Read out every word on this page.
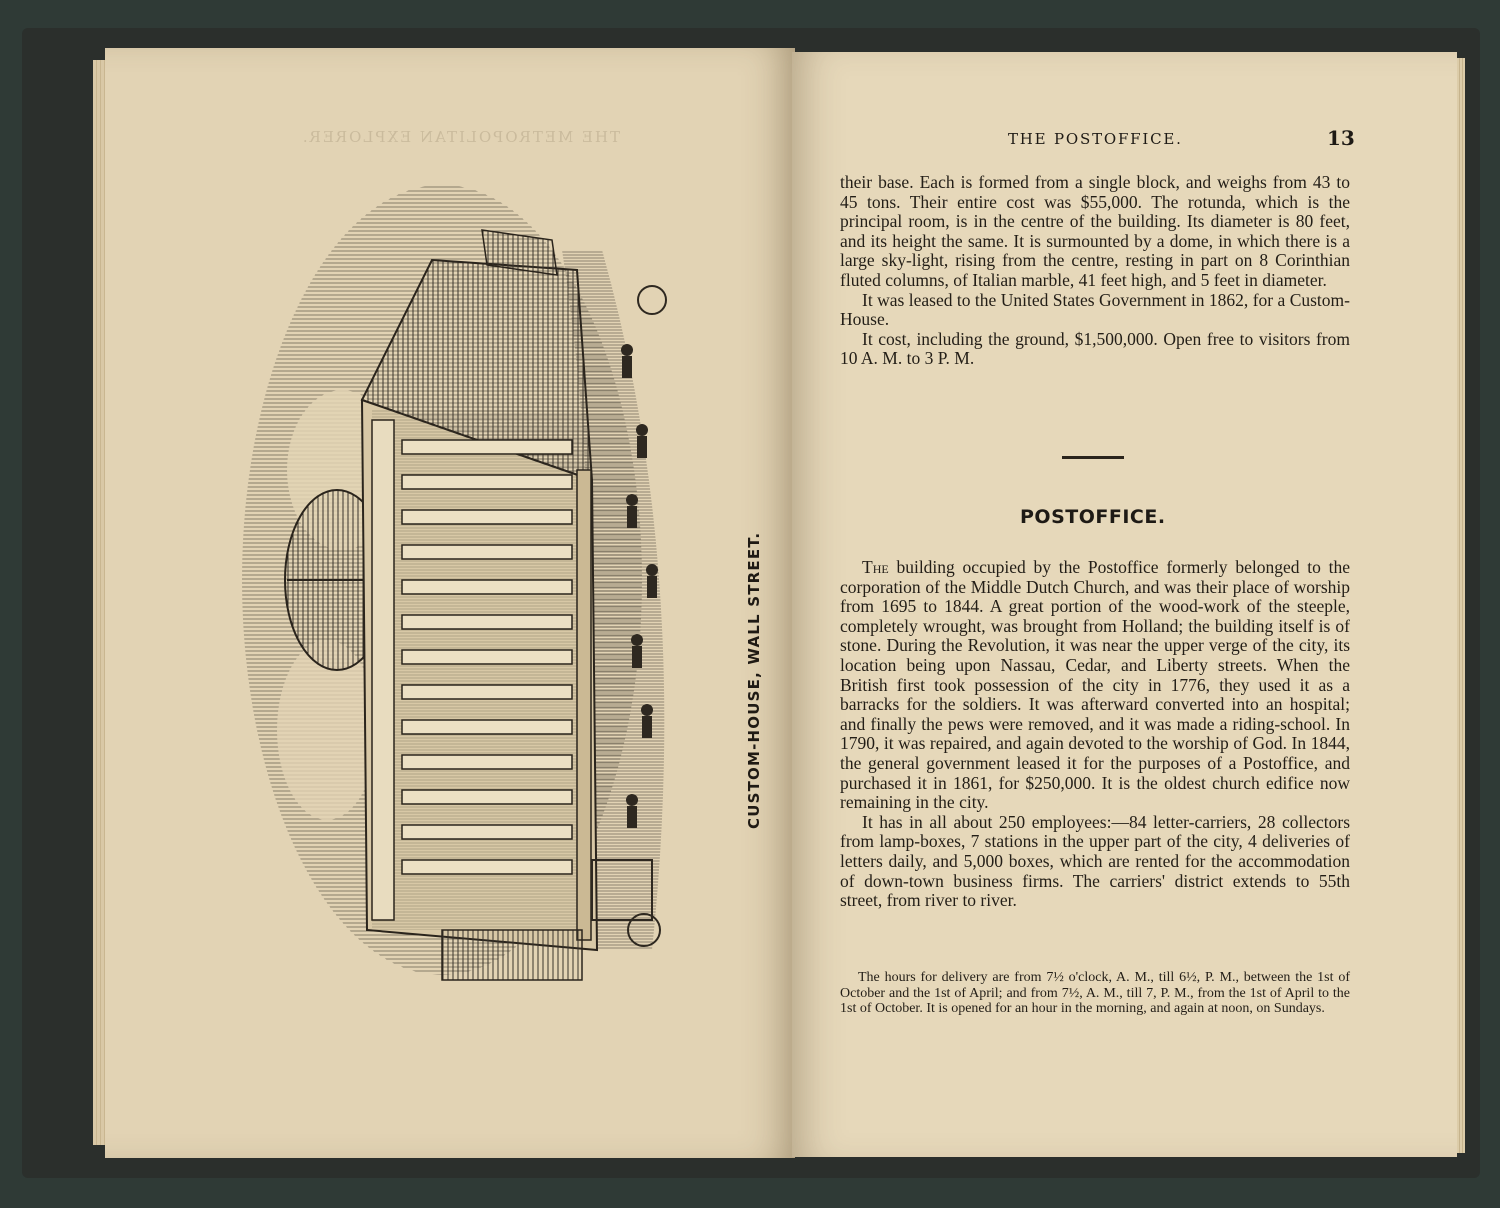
THE METROPOLITAN EXPLORER.
CUSTOM-HOUSE, WALL STREET.
THE POSTOFFICE.	13

their base. Each is formed from a single block, and weighs from 43 to 45 tons. Their entire cost was $55,000. The rotunda, which is the principal room, is in the centre of the building. Its diameter is 80 feet, and its height the same. It is surmounted by a dome, in which there is a large sky-light, rising from the centre, resting in part on 8 Corinthian fluted columns, of Italian marble, 41 feet high, and 5 feet in diameter.

It was leased to the United States Government in 1862, for a Custom-House.

It cost, including the ground, $1,500,000. Open free to visitors from 10 A. M. to 3 P. M.

POSTOFFICE.

The building occupied by the Postoffice formerly belonged to the corporation of the Middle Dutch Church, and was their place of worship from 1695 to 1844. A great portion of the wood-work of the steeple, completely wrought, was brought from Holland; the building itself is of stone. During the Revolution, it was near the upper verge of the city, its location being upon Nassau, Cedar, and Liberty streets. When the British first took possession of the city in 1776, they used it as a barracks for the soldiers. It was afterward converted into an hospital; and finally the pews were removed, and it was made a riding-school. In 1790, it was repaired, and again devoted to the worship of God. In 1844, the general government leased it for the purposes of a Postoffice, and purchased it in 1861, for $250,000. It is the oldest church edifice now remaining in the city.

It has in all about 250 employees:—84 letter-carriers, 28 collectors from lamp-boxes, 7 stations in the upper part of the city, 4 deliveries of letters daily, and 5,000 boxes, which are rented for the accommodation of down-town business firms. The carriers' district extends to 55th street, from river to river.

The hours for delivery are from 7½ o'clock, A. M., till 6½, P. M., between the 1st of October and the 1st of April; and from 7½, A. M., till 7, P. M., from the 1st of April to the 1st of October. It is opened for an hour in the morning, and again at noon, on Sundays.
